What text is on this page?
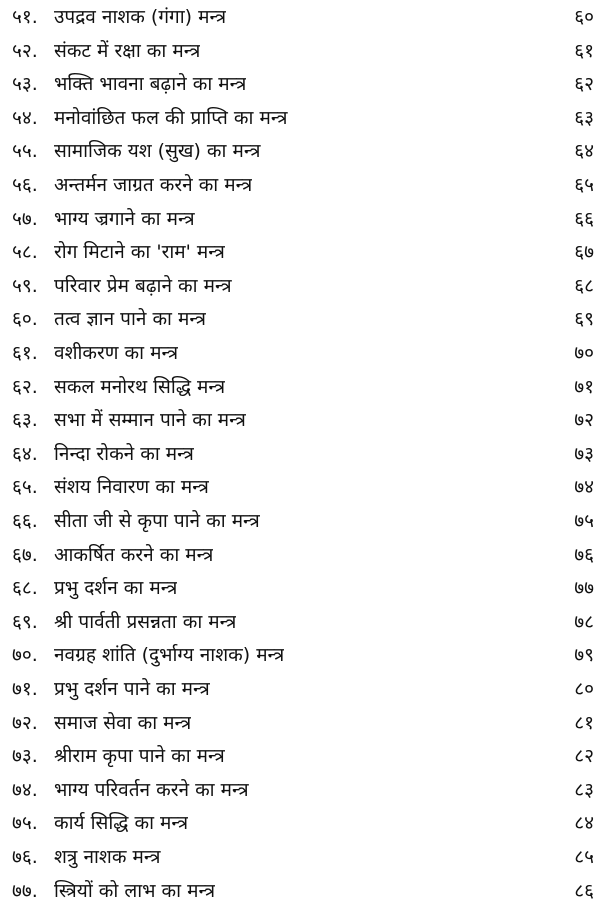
५१. उपद्रव नाशक (गंगा) मन्त्र	६०
५२. संकट में रक्षा का मन्त्र	६१
५३. भक्ति भावना बढ़ाने का मन्त्र	६२
५४. मनोवांछित फल की प्राप्ति का मन्त्र	६३
५५. सामाजिक यश (सुख) का मन्त्र	६४
५६. अन्तर्मन जाग्रत करने का मन्त्र	६५
५७. भाग्य ज्रगाने का मन्त्र	६६
५८. रोग मिटाने का 'राम' मन्त्र	६७
५९. परिवार प्रेम बढ़ाने का मन्त्र	६८
६०. तत्व ज्ञान पाने का मन्त्र	६९
६१. वशीकरण का मन्त्र	७०
६२. सकल मनोरथ सिद्धि मन्त्र	७१
६३. सभा में सम्मान पाने का मन्त्र	७२
६४. निन्दा रोकने का मन्त्र	७३
६५. संशय निवारण का मन्त्र	७४
६६. सीता जी से कृपा पाने का मन्त्र	७५
६७. आकर्षित करने का मन्त्र	७६
६८. प्रभु दर्शन का मन्त्र	७७
६९. श्री पार्वती प्रसन्नता का मन्त्र	७८
७०. नवग्रह शांति (दुर्भाग्य नाशक) मन्त्र	७९
७१. प्रभु दर्शन पाने का मन्त्र	८०
७२. समाज सेवा का मन्त्र	८१
७३. श्रीराम कृपा पाने का मन्त्र	८२
७४. भाग्य परिवर्तन करने का मन्त्र	८३
७५. कार्य सिद्धि का मन्त्र	८४
७६. शत्रु नाशक मन्त्र	८५
७७. स्त्रियों को लाभ का मन्त्र	८६
